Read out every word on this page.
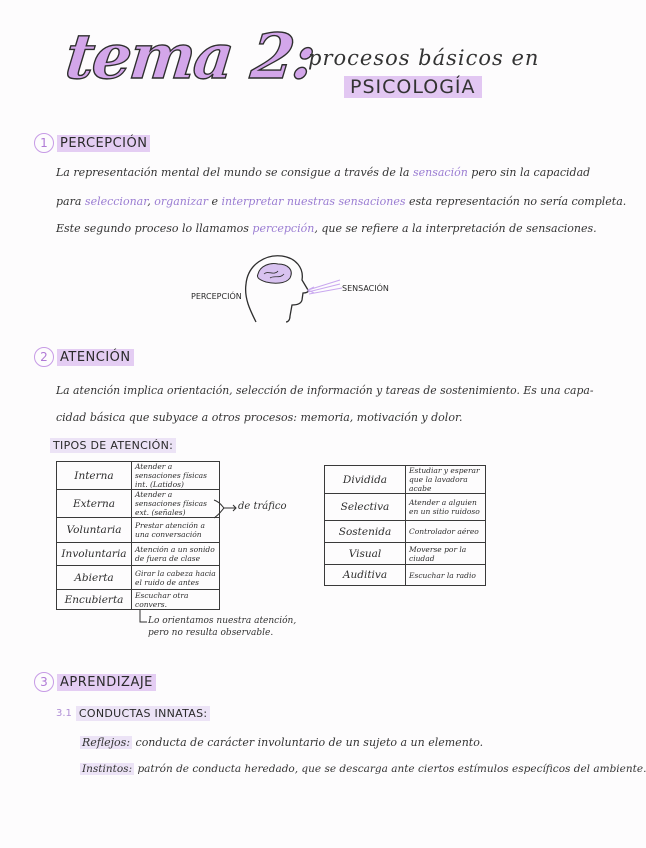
tema 2:
procesos básicos en
PSICOLOGÍA
1 PERCEPCIÓN
La representación mental del mundo se consigue a través de la sensación pero sin la capacidad
para seleccionar, organizar e interpretar nuestras sensaciones esta representación no sería completa.
Este segundo proceso lo llamamos percepción, que se refiere a la interpretación de sensaciones.
PERCEPCIÓN
SENSACIÓN
2 ATENCIÓN
La atención implica orientación, selección de información y tareas de sostenimiento. Es una capa-
cidad básica que subyace a otros procesos: memoria, motivación y dolor.
TIPOS DE ATENCIÓN:
Interna	Atender a sensaciones físicas int. (Latidos)
Externa	Atender a sensaciones físicas ext. (señales)
Voluntaria	Prestar atención a una conversación
Involuntaria	Atención a un sonido de fuera de clase
Abierta	Girar la cabeza hacia el ruido de antes
Encubierta	Escuchar otra convers.
de tráfico
Lo orientamos nuestra atención,
pero no resulta observable.
Dividida	Estudiar y esperar que la lavadora acabe
Selectiva	Atender a alguien en un sitio ruidoso
Sostenida	Controlador aéreo
Visual	Moverse por la ciudad
Auditiva	Escuchar la radio
3 APRENDIZAJE
3.1 CONDUCTAS INNATAS:
Reflejos: conducta de carácter involuntario de un sujeto a un elemento.
Instintos: patrón de conducta heredado, que se descarga ante ciertos estímulos específicos del ambiente.
